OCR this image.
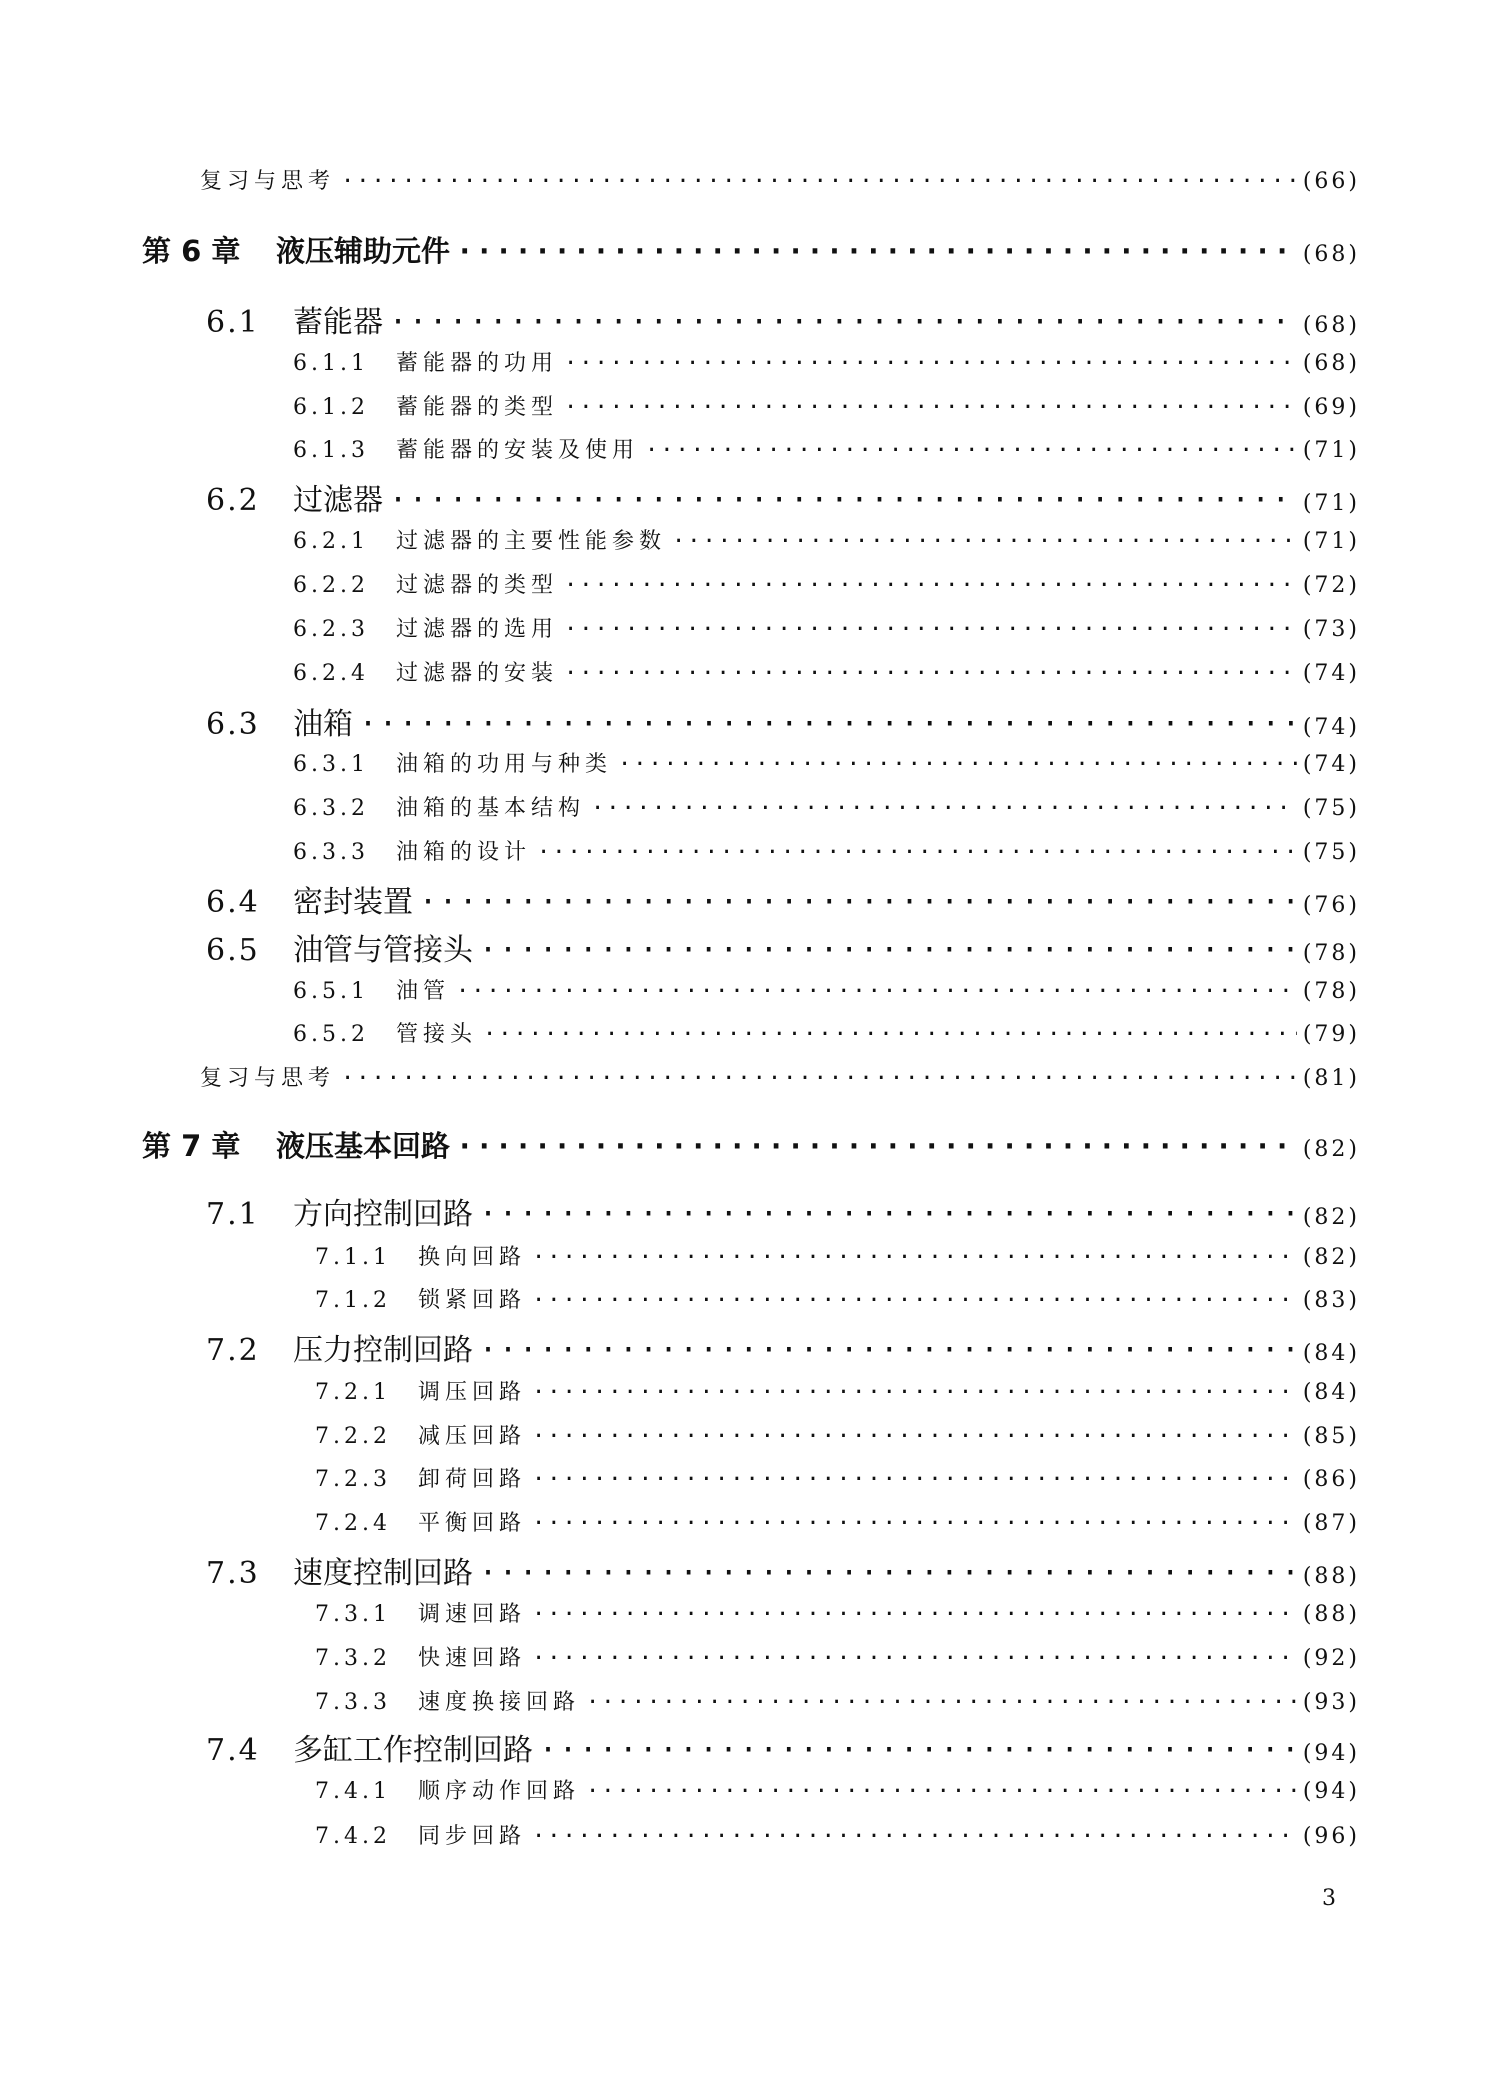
复习与思考 ·····	(66)
第 6 章	液压辅助元件 ·····	(68)
6.1	蓄能器 ·····	(68)
6.1.1	蓄能器的功用 ·····	(68)
6.1.2	蓄能器的类型 ·····	(69)
6.1.3	蓄能器的安装及使用 ·····	(71)
6.2	过滤器 ·····	(71)
6.2.1	过滤器的主要性能参数 ·····	(71)
6.2.2	过滤器的类型 ·····	(72)
6.2.3	过滤器的选用 ·····	(73)
6.2.4	过滤器的安装 ·····	(74)
6.3	油箱 ·····	(74)
6.3.1	油箱的功用与种类 ·····	(74)
6.3.2	油箱的基本结构 ·····	(75)
6.3.3	油箱的设计 ·····	(75)
6.4	密封装置 ·····	(76)
6.5	油管与管接头 ·····	(78)
6.5.1	油管 ·····	(78)
6.5.2	管接头 ·····	(79)
复习与思考 ·····	(81)
第 7 章	液压基本回路 ·····	(82)
7.1	方向控制回路 ·····	(82)
7.1.1	换向回路 ·····	(82)
7.1.2	锁紧回路 ·····	(83)
7.2	压力控制回路 ·····	(84)
7.2.1	调压回路 ·····	(84)
7.2.2	减压回路 ·····	(85)
7.2.3	卸荷回路 ·····	(86)
7.2.4	平衡回路 ·····	(87)
7.3	速度控制回路 ·····	(88)
7.3.1	调速回路 ·····	(88)
7.3.2	快速回路 ·····	(92)
7.3.3	速度换接回路 ·····	(93)
7.4	多缸工作控制回路 ·····	(94)
7.4.1	顺序动作回路 ·····	(94)
7.4.2	同步回路 ·····	(96)
3
